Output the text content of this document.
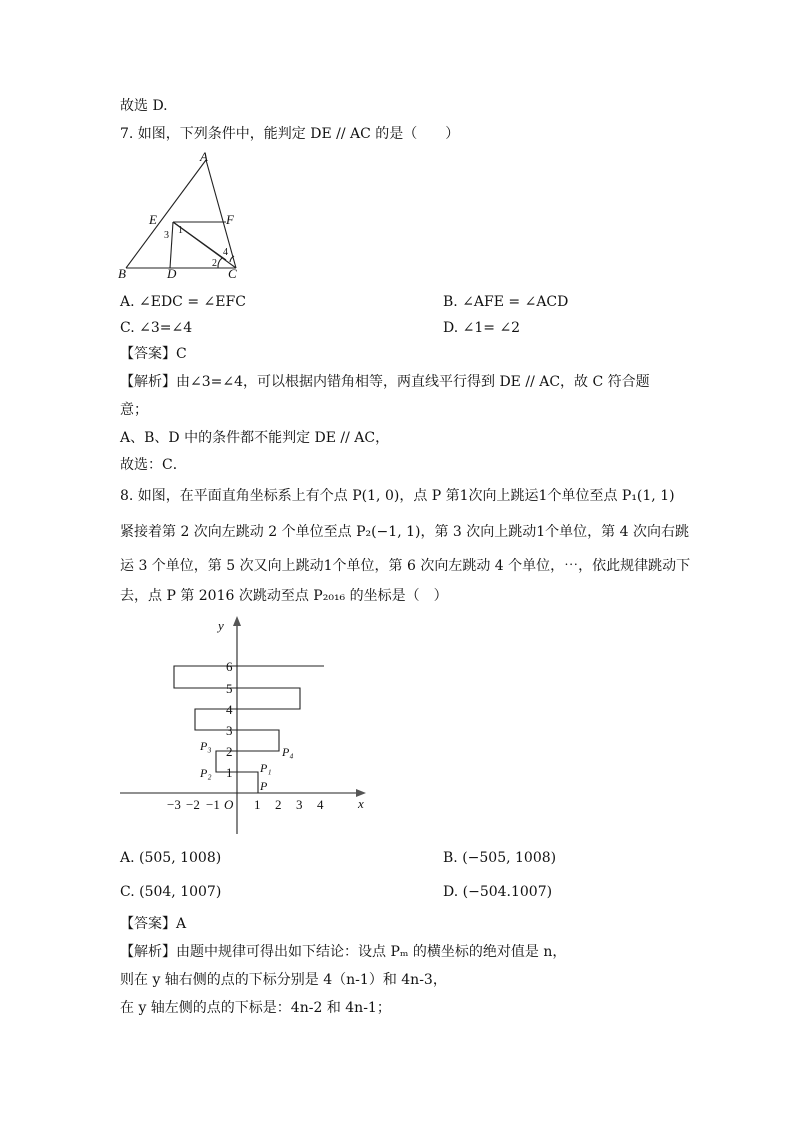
故选 D.
7. 如图，下列条件中，能判定 DE // AC 的是（　　）
A
B	C
D
E	F
1
3
4
2
A. ∠EDC = ∠EFC	B. ∠AFE = ∠ACD
C. ∠3=∠4	D. ∠1= ∠2
【答案】C
【解析】由∠3=∠4，可以根据内错角相等，两直线平行得到 DE // AC，故 C 符合题
意；
A、B、D 中的条件都不能判定 DE // AC，
故选：C．
8. 如图，在平面直角坐标系上有个点 P(1, 0)，点 P 第1次向上跳运1个单位至点 P₁(1, 1)
紧接着第 2 次向左跳动 2 个单位至点 P₂(−1, 1)，第 3 次向上跳动1个单位，第 4 次向右跳
运 3 个单位，第 5 次又向上跳动1个单位，第 6 次向左跳动 4 个单位，⋯，依此规律跳动下
去，点 P 第 2016 次跳动至点 P₂₀₁₆ 的坐标是（　）
y
x
O
−3 −2 −1	1 2 3 4
1
2
3
4
5
6
P
P₁
P₂
P₃	P₄
A. (505, 1008)	B. (−505, 1008)
C. (504, 1007)	D. (−504.1007)
【答案】A
【解析】由题中规律可得出如下结论：设点 Pₘ 的横坐标的绝对值是 n，
则在 y 轴右侧的点的下标分别是 4（n-1）和 4n-3，
在 y 轴左侧的点的下标是：4n-2 和 4n-1；
